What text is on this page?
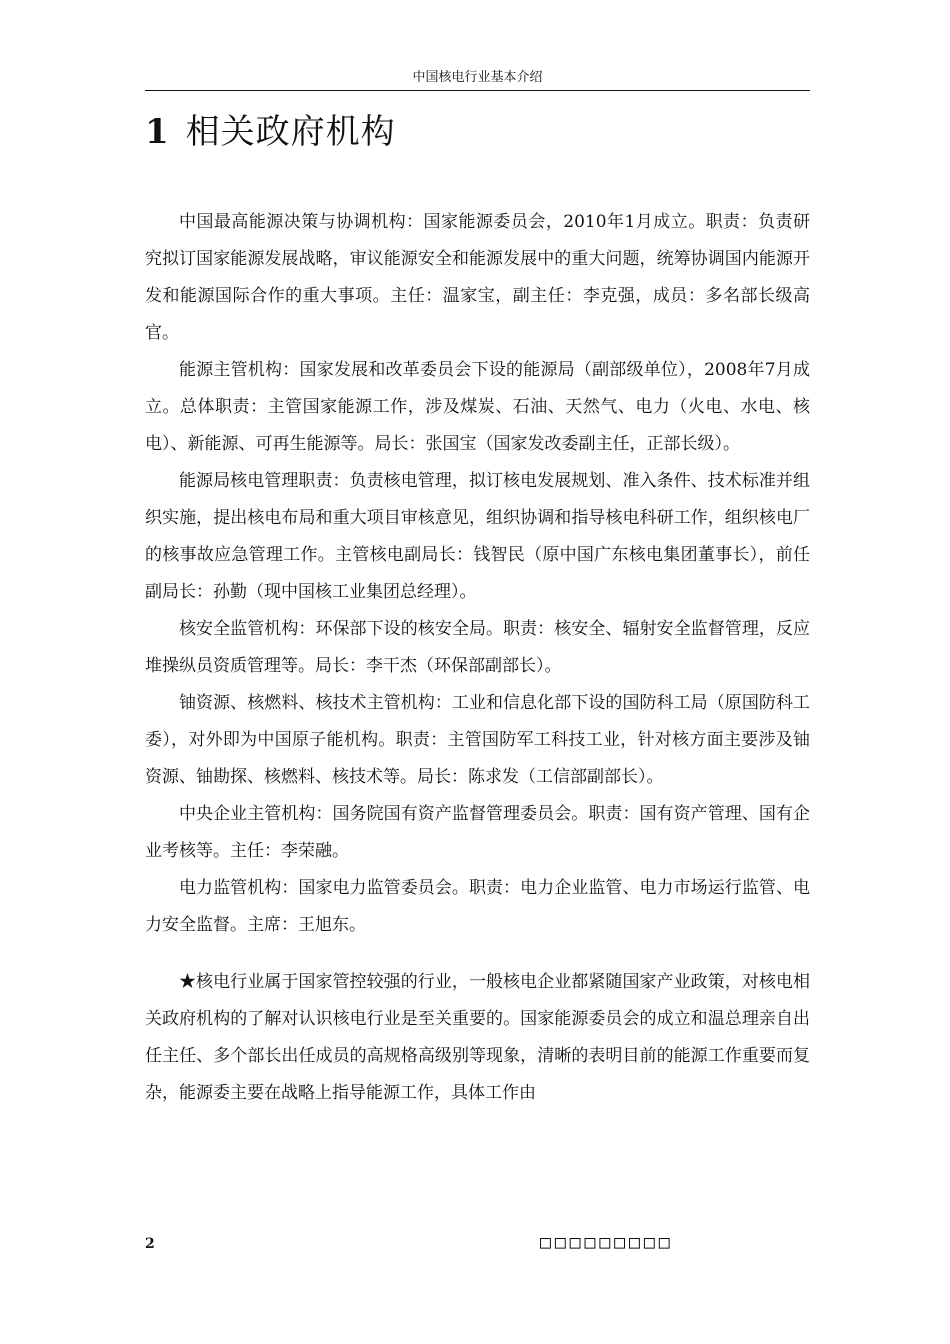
中国核电行业基本介绍
1 相关政府机构

中国最高能源决策与协调机构：国家能源委员会，2010年1月成立。职责：负责研究拟订国家能源发展战略，审议能源安全和能源发展中的重大问题，统筹协调国内能源开发和能源国际合作的重大事项。主任：温家宝，副主任：李克强，成员：多名部长级高官。

能源主管机构：国家发展和改革委员会下设的能源局（副部级单位），2008年7月成立。总体职责：主管国家能源工作，涉及煤炭、石油、天然气、电力（火电、水电、核电）、新能源、可再生能源等。局长：张国宝（国家发改委副主任，正部长级）。

能源局核电管理职责：负责核电管理，拟订核电发展规划、准入条件、技术标准并组织实施，提出核电布局和重大项目审核意见，组织协调和指导核电科研工作，组织核电厂的核事故应急管理工作。主管核电副局长：钱智民（原中国广东核电集团董事长），前任副局长：孙勤（现中国核工业集团总经理）。

核安全监管机构：环保部下设的核安全局。职责：核安全、辐射安全监督管理，反应堆操纵员资质管理等。局长：李干杰（环保部副部长）。

铀资源、核燃料、核技术主管机构：工业和信息化部下设的国防科工局（原国防科工委），对外即为中国原子能机构。职责：主管国防军工科技工业，针对核方面主要涉及铀资源、铀勘探、核燃料、核技术等。局长：陈求发（工信部副部长）。

中央企业主管机构：国务院国有资产监督管理委员会。职责：国有资产管理、国有企业考核等。主任：李荣融。

电力监管机构：国家电力监管委员会。职责：电力企业监管、电力市场运行监管、电力安全监督。主席：王旭东。

★核电行业属于国家管控较强的行业，一般核电企业都紧随国家产业政策，对核电相关政府机构的了解对认识核电行业是至关重要的。国家能源委员会的成立和温总理亲自出任主任、多个部长出任成员的高规格高级别等现象，清晰的表明目前的能源工作重要而复杂，能源委主要在战略上指导能源工作，具体工作由

2	□□□□□□□□□
